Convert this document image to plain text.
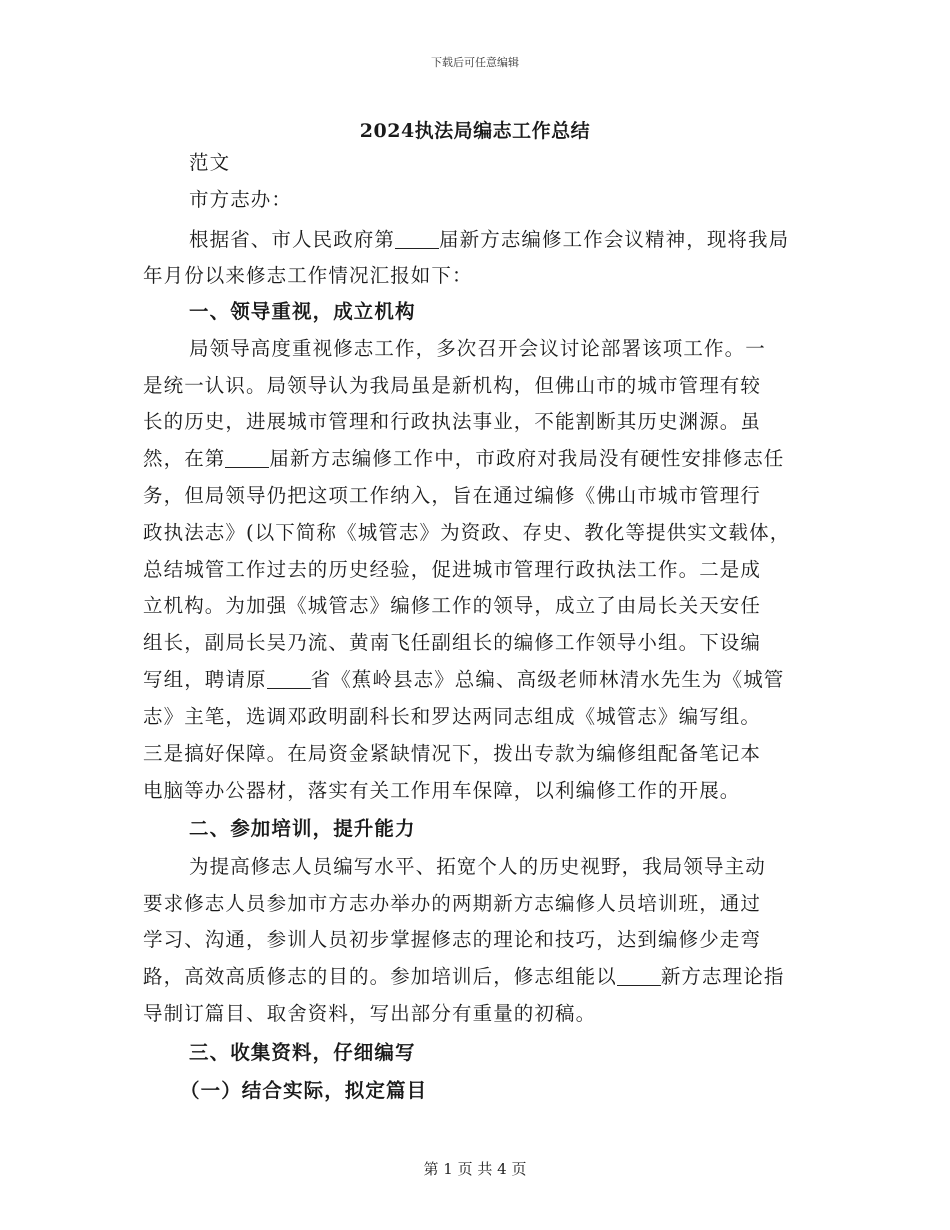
下载后可任意编辑
2024执法局编志工作总结
范文
市方志办：
根据省、市人民政府第 届新方志编修工作会议精神，现将我局
年月份以来修志工作情况汇报如下：
一、领导重视，成立机构
局领导高度重视修志工作，多次召开会议讨论部署该项工作。一
是统一认识。局领导认为我局虽是新机构，但佛山市的城市管理有较
长的历史，进展城市管理和行政执法事业，不能割断其历史渊源。虽
然，在第 届新方志编修工作中，市政府对我局没有硬性安排修志任
务，但局领导仍把这项工作纳入，旨在通过编修《佛山市城市管理行
政执法志》(以下简称《城管志》为资政、存史、教化等提供实文载体，
总结城管工作过去的历史经验，促进城市管理行政执法工作。二是成
立机构。为加强《城管志》编修工作的领导，成立了由局长关天安任
组长，副局长吴乃流、黄南飞任副组长的编修工作领导小组。下设编
写组，聘请原 省《蕉岭县志》总编、高级老师林清水先生为《城管
志》主笔，选调邓政明副科长和罗达两同志组成《城管志》编写组。
三是搞好保障。在局资金紧缺情况下，拨出专款为编修组配备笔记本
电脑等办公器材，落实有关工作用车保障，以利编修工作的开展。
二、参加培训，提升能力
为提高修志人员编写水平、拓宽个人的历史视野，我局领导主动
要求修志人员参加市方志办举办的两期新方志编修人员培训班，通过
学习、沟通，参训人员初步掌握修志的理论和技巧，达到编修少走弯
路，高效高质修志的目的。参加培训后，修志组能以 新方志理论指
导制订篇目、取舍资料，写出部分有重量的初稿。
三、收集资料，仔细编写
（一）结合实际，拟定篇目
第 1 页 共 4 页
